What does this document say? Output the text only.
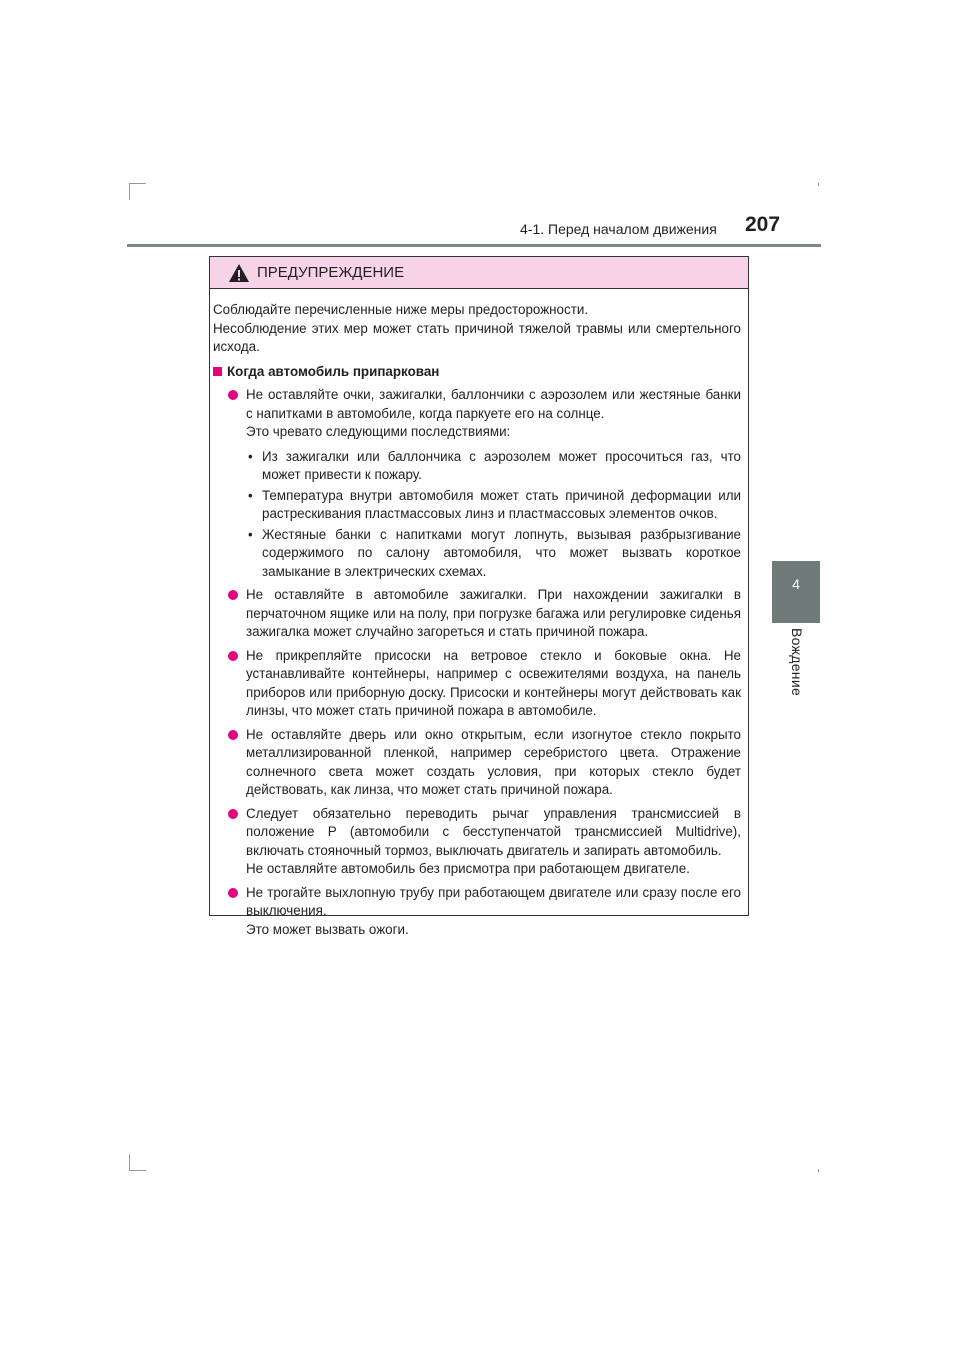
4-1. Перед началом движения 207
4
Вождение
ПРЕДУПРЕЖДЕНИЕ

Соблюдайте перечисленные ниже меры предосторожности.

Несоблюдение этих мер может стать причиной тяжелой травмы или смертельного исхода.

Когда автомобиль припаркован
Не оставляйте очки, зажигалки, баллончики с аэрозолем или жестяные банки с напитками в автомобиле, когда паркуете его на солнце.
Это чревато следующими последствиями:
• Из зажигалки или баллончика с аэрозолем может просочиться газ, что может привести к пожару.
• Температура внутри автомобиля может стать причиной деформации или растрескивания пластмассовых линз и пластмассовых элементов очков.
• Жестяные банки с напитками могут лопнуть, вызывая разбрызгивание содержимого по салону автомобиля, что может вызвать короткое замыкание в электрических схемах.
Не оставляйте в автомобиле зажигалки. При нахождении зажигалки в перчаточном ящике или на полу, при погрузке багажа или регулировке сиденья зажигалка может случайно загореться и стать причиной пожара.
Не прикрепляйте присоски на ветровое стекло и боковые окна. Не устанавливайте контейнеры, например с освежителями воздуха, на панель приборов или приборную доску. Присоски и контейнеры могут действовать как линзы, что может стать причиной пожара в автомобиле.
Не оставляйте дверь или окно открытым, если изогнутое стекло покрыто металлизированной пленкой, например серебристого цвета. Отражение солнечного света может создать условия, при которых стекло будет действовать, как линза, что может стать причиной пожара.
Следует обязательно переводить рычаг управления трансмиссией в положение P (автомобили с бесступенчатой трансмиссией Multidrive), включать стояночный тормоз, выключать двигатель и запирать автомобиль.
Не оставляйте автомобиль без присмотра при работающем двигателе.
Не трогайте выхлопную трубу при работающем двигателе или сразу после его выключения.
Это может вызвать ожоги.
